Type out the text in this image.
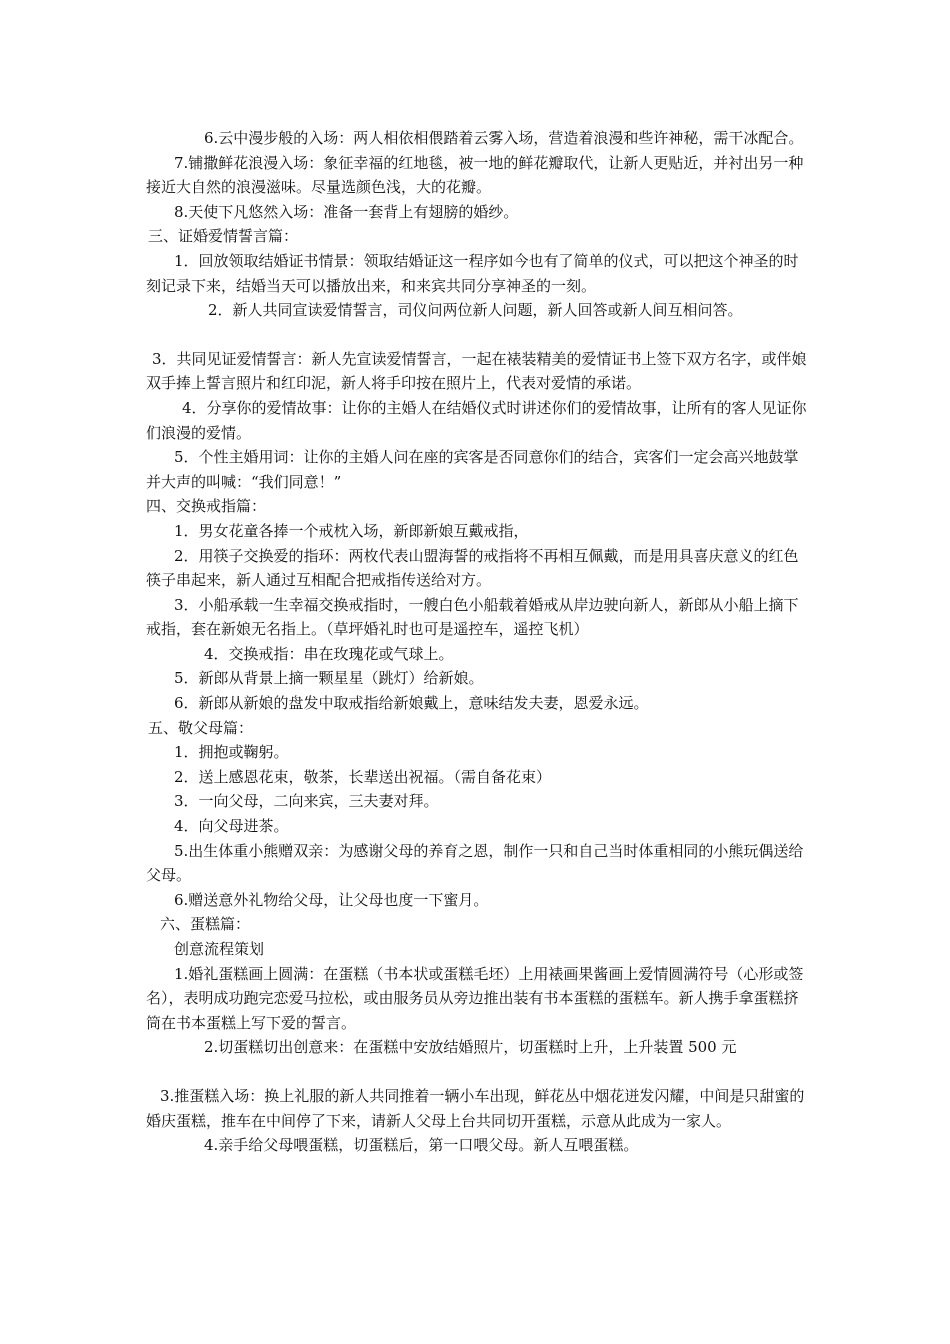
6.云中漫步般的入场：两人相依相偎踏着云雾入场，营造着浪漫和些许神秘，需干冰配合。

7.铺撒鲜花浪漫入场：象征幸福的红地毯，被一地的鲜花瓣取代，让新人更贴近，并衬出另一种接近大自然的浪漫滋味。尽量选颜色浅，大的花瓣。

8.天使下凡悠然入场：准备一套背上有翅膀的婚纱。

三、证婚爱情誓言篇：

1．回放领取结婚证书情景：领取结婚证这一程序如今也有了简单的仪式，可以把这个神圣的时刻记录下来，结婚当天可以播放出来，和来宾共同分享神圣的一刻。

2．新人共同宣读爱情誓言，司仪问两位新人问题，新人回答或新人间互相问答。

3．共同见证爱情誓言：新人先宣读爱情誓言，一起在裱装精美的爱情证书上签下双方名字，或伴娘双手捧上誓言照片和红印泥，新人将手印按在照片上，代表对爱情的承诺。

4．分享你的爱情故事：让你的主婚人在结婚仪式时讲述你们的爱情故事，让所有的客人见证你们浪漫的爱情。

5．个性主婚用词：让你的主婚人问在座的宾客是否同意你们的结合，宾客们一定会高兴地鼓掌并大声的叫喊：“我们同意！”

四、交换戒指篇：

1．男女花童各捧一个戒枕入场，新郎新娘互戴戒指，

2．用筷子交换爱的指环：两枚代表山盟海誓的戒指将不再相互佩戴，而是用具喜庆意义的红色筷子串起来，新人通过互相配合把戒指传送给对方。

3．小船承载一生幸福交换戒指时，一艘白色小船载着婚戒从岸边驶向新人，新郎从小船上摘下戒指，套在新娘无名指上。（草坪婚礼时也可是遥控车，遥控飞机）

4．交换戒指：串在玫瑰花或气球上。

5．新郎从背景上摘一颗星星（跳灯）给新娘。

6．新郎从新娘的盘发中取戒指给新娘戴上，意味结发夫妻，恩爱永远。

五、敬父母篇：

1．拥抱或鞠躬。

2．送上感恩花束，敬茶，长辈送出祝福。（需自备花束）

3．一向父母，二向来宾，三夫妻对拜。

4．向父母进茶。

5.出生体重小熊赠双亲：为感谢父母的养育之恩，制作一只和自己当时体重相同的小熊玩偶送给父母。

6.赠送意外礼物给父母，让父母也度一下蜜月。

六、蛋糕篇：

创意流程策划

1.婚礼蛋糕画上圆满：在蛋糕（书本状或蛋糕毛坯）上用裱画果酱画上爱情圆满符号（心形或签名），表明成功跑完恋爱马拉松，或由服务员从旁边推出装有书本蛋糕的蛋糕车。新人携手拿蛋糕挤筒在书本蛋糕上写下爱的誓言。

2.切蛋糕切出创意来：在蛋糕中安放结婚照片，切蛋糕时上升，上升装置 500 元

3.推蛋糕入场：换上礼服的新人共同推着一辆小车出现，鲜花丛中烟花迸发闪耀，中间是只甜蜜的婚庆蛋糕，推车在中间停了下来，请新人父母上台共同切开蛋糕，示意从此成为一家人。

4.亲手给父母喂蛋糕，切蛋糕后，第一口喂父母。新人互喂蛋糕。
